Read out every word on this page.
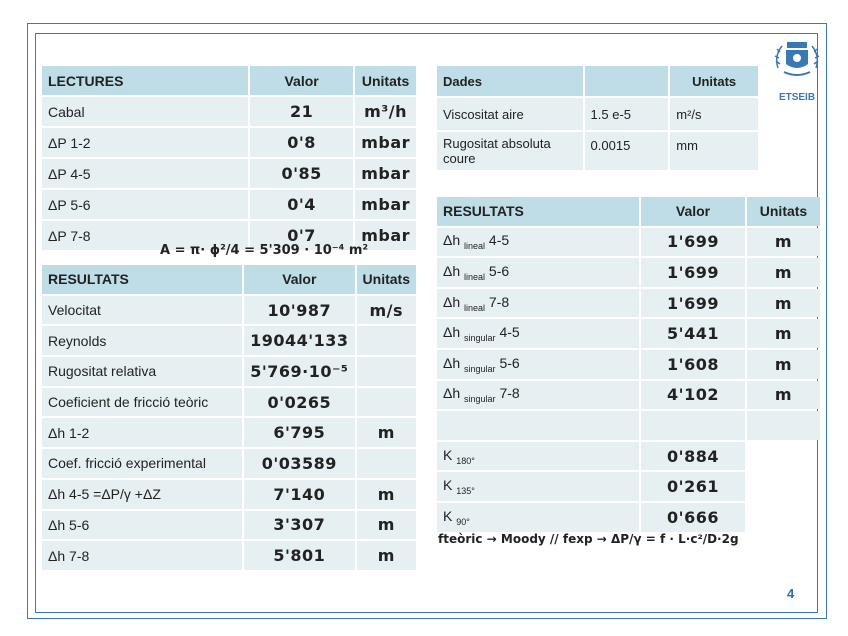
ETSEIB
LECTURES	Valor	Unitats
Cabal	21	m³/h
ΔP 1-2	0'8	mbar
ΔP 4-5	0'85	mbar
ΔP 5-6	0'4	mbar
ΔP 7-8	0'7	mbar
A = π· ϕ²/4 = 5'309 · 10⁻⁴ m²
RESULTATS	Valor	Unitats
Velocitat	10'987	m/s
Reynolds	19044'133	
Rugositat relativa	5'769·10⁻⁵	
Coeficient de fricció teòric	0'0265	
Δh 1-2	6'795	m
Coef. fricció experimental	0'03589	
Δh 4-5 =ΔP/γ +ΔZ	7'140	m
Δh 5-6	3'307	m
Δh 7-8	5'801	m
Dades		Unitats
Viscositat aire	1.5 e-5	m²/s
Rugositat absoluta coure	0.0015	mm
RESULTATS	Valor	Unitats
Δh $_{lineal}$ 4-5	1'699	m
Δh $_{lineal}$ 5-6	1'699	m
Δh $_{lineal}$ 7-8	1'699	m
Δh $_{singular}$ 4-5	5'441	m
Δh $_{singular}$ 5-6	1'608	m
Δh $_{singular}$ 7-8	4'102	m

K $_{180^\circ}$	0'884	
K $_{135^\circ}$	0'261	
K $_{90^\circ}$	0'666	
fteòric → Moody // fexp → ΔP/γ = f · L·c²/D·2g
4
